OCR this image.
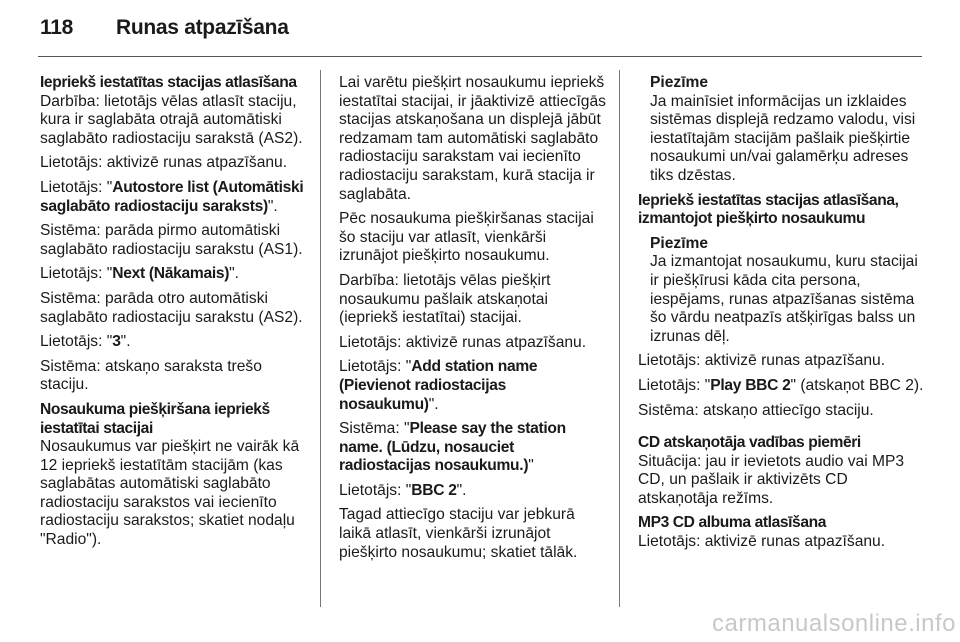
118	Runas atpazīšana
Iepriekš iestatītas stacijas atlasīšana
Darbība: lietotājs vēlas atlasīt staciju, kura ir saglabāta otrajā automātiski saglabāto radiostaciju sarakstā (AS2).
Lietotājs: aktivizē runas atpazīšanu.
Lietotājs: "Autostore list (Automātiski saglabāto radiostaciju saraksts)".
Sistēma: parāda pirmo automātiski saglabāto radiostaciju sarakstu (AS1).
Lietotājs: "Next (Nākamais)".
Sistēma: parāda otro automātiski saglabāto radiostaciju sarakstu (AS2).
Lietotājs: "3".
Sistēma: atskaņo saraksta trešo staciju.
Nosaukuma piešķiršana iepriekš iestatītai stacijai
Nosaukumus var piešķirt ne vairāk kā 12 iepriekš iestatītām stacijām (kas saglabātas automātiski saglabāto radiostaciju sarakstos vai iecienīto radiostaciju sarakstos; skatiet nodaļu "Radio").
Lai varētu piešķirt nosaukumu iepriekš iestatītai stacijai, ir jāaktivizē attiecīgās stacijas atskaņošana un displejā jābūt redzamam tam automātiski saglabāto radiostaciju sarakstam vai iecienīto radiostaciju sarakstam, kurā stacija ir saglabāta.
Pēc nosaukuma piešķiršanas stacijai šo staciju var atlasīt, vienkārši izrunājot piešķirto nosaukumu.
Darbība: lietotājs vēlas piešķirt nosaukumu pašlaik atskaņotai (iepriekš iestatītai) stacijai.
Lietotājs: aktivizē runas atpazīšanu.
Lietotājs: "Add station name (Pievienot radiostacijas nosaukumu)".
Sistēma: "Please say the station name. (Lūdzu, nosauciet radiostacijas nosaukumu.)"
Lietotājs: "BBC 2".
Tagad attiecīgo staciju var jebkurā laikā atlasīt, vienkārši izrunājot piešķirto nosaukumu; skatiet tālāk.
Piezīme
Ja mainīsiet informācijas un izklaides sistēmas displejā redzamo valodu, visi iestatītajām stacijām pašlaik piešķirtie nosaukumi un/vai galamērķu adreses tiks dzēstas.
Iepriekš iestatītas stacijas atlasīšana, izmantojot piešķirto nosaukumu
Piezīme
Ja izmantojat nosaukumu, kuru stacijai ir piešķīrusi kāda cita persona, iespējams, runas atpazīšanas sistēma šo vārdu neatpazīs atšķirīgas balss un izrunas dēļ.
Lietotājs: aktivizē runas atpazīšanu.
Lietotājs: "Play BBC 2" (atskaņot BBC 2).
Sistēma: atskaņo attiecīgo staciju.
CD atskaņotāja vadības piemēri
Situācija: jau ir ievietots audio vai MP3 CD, un pašlaik ir aktivizēts CD atskaņotāja režīms.
MP3 CD albuma atlasīšana
Lietotājs: aktivizē runas atpazīšanu.
carmanualsonline.info
